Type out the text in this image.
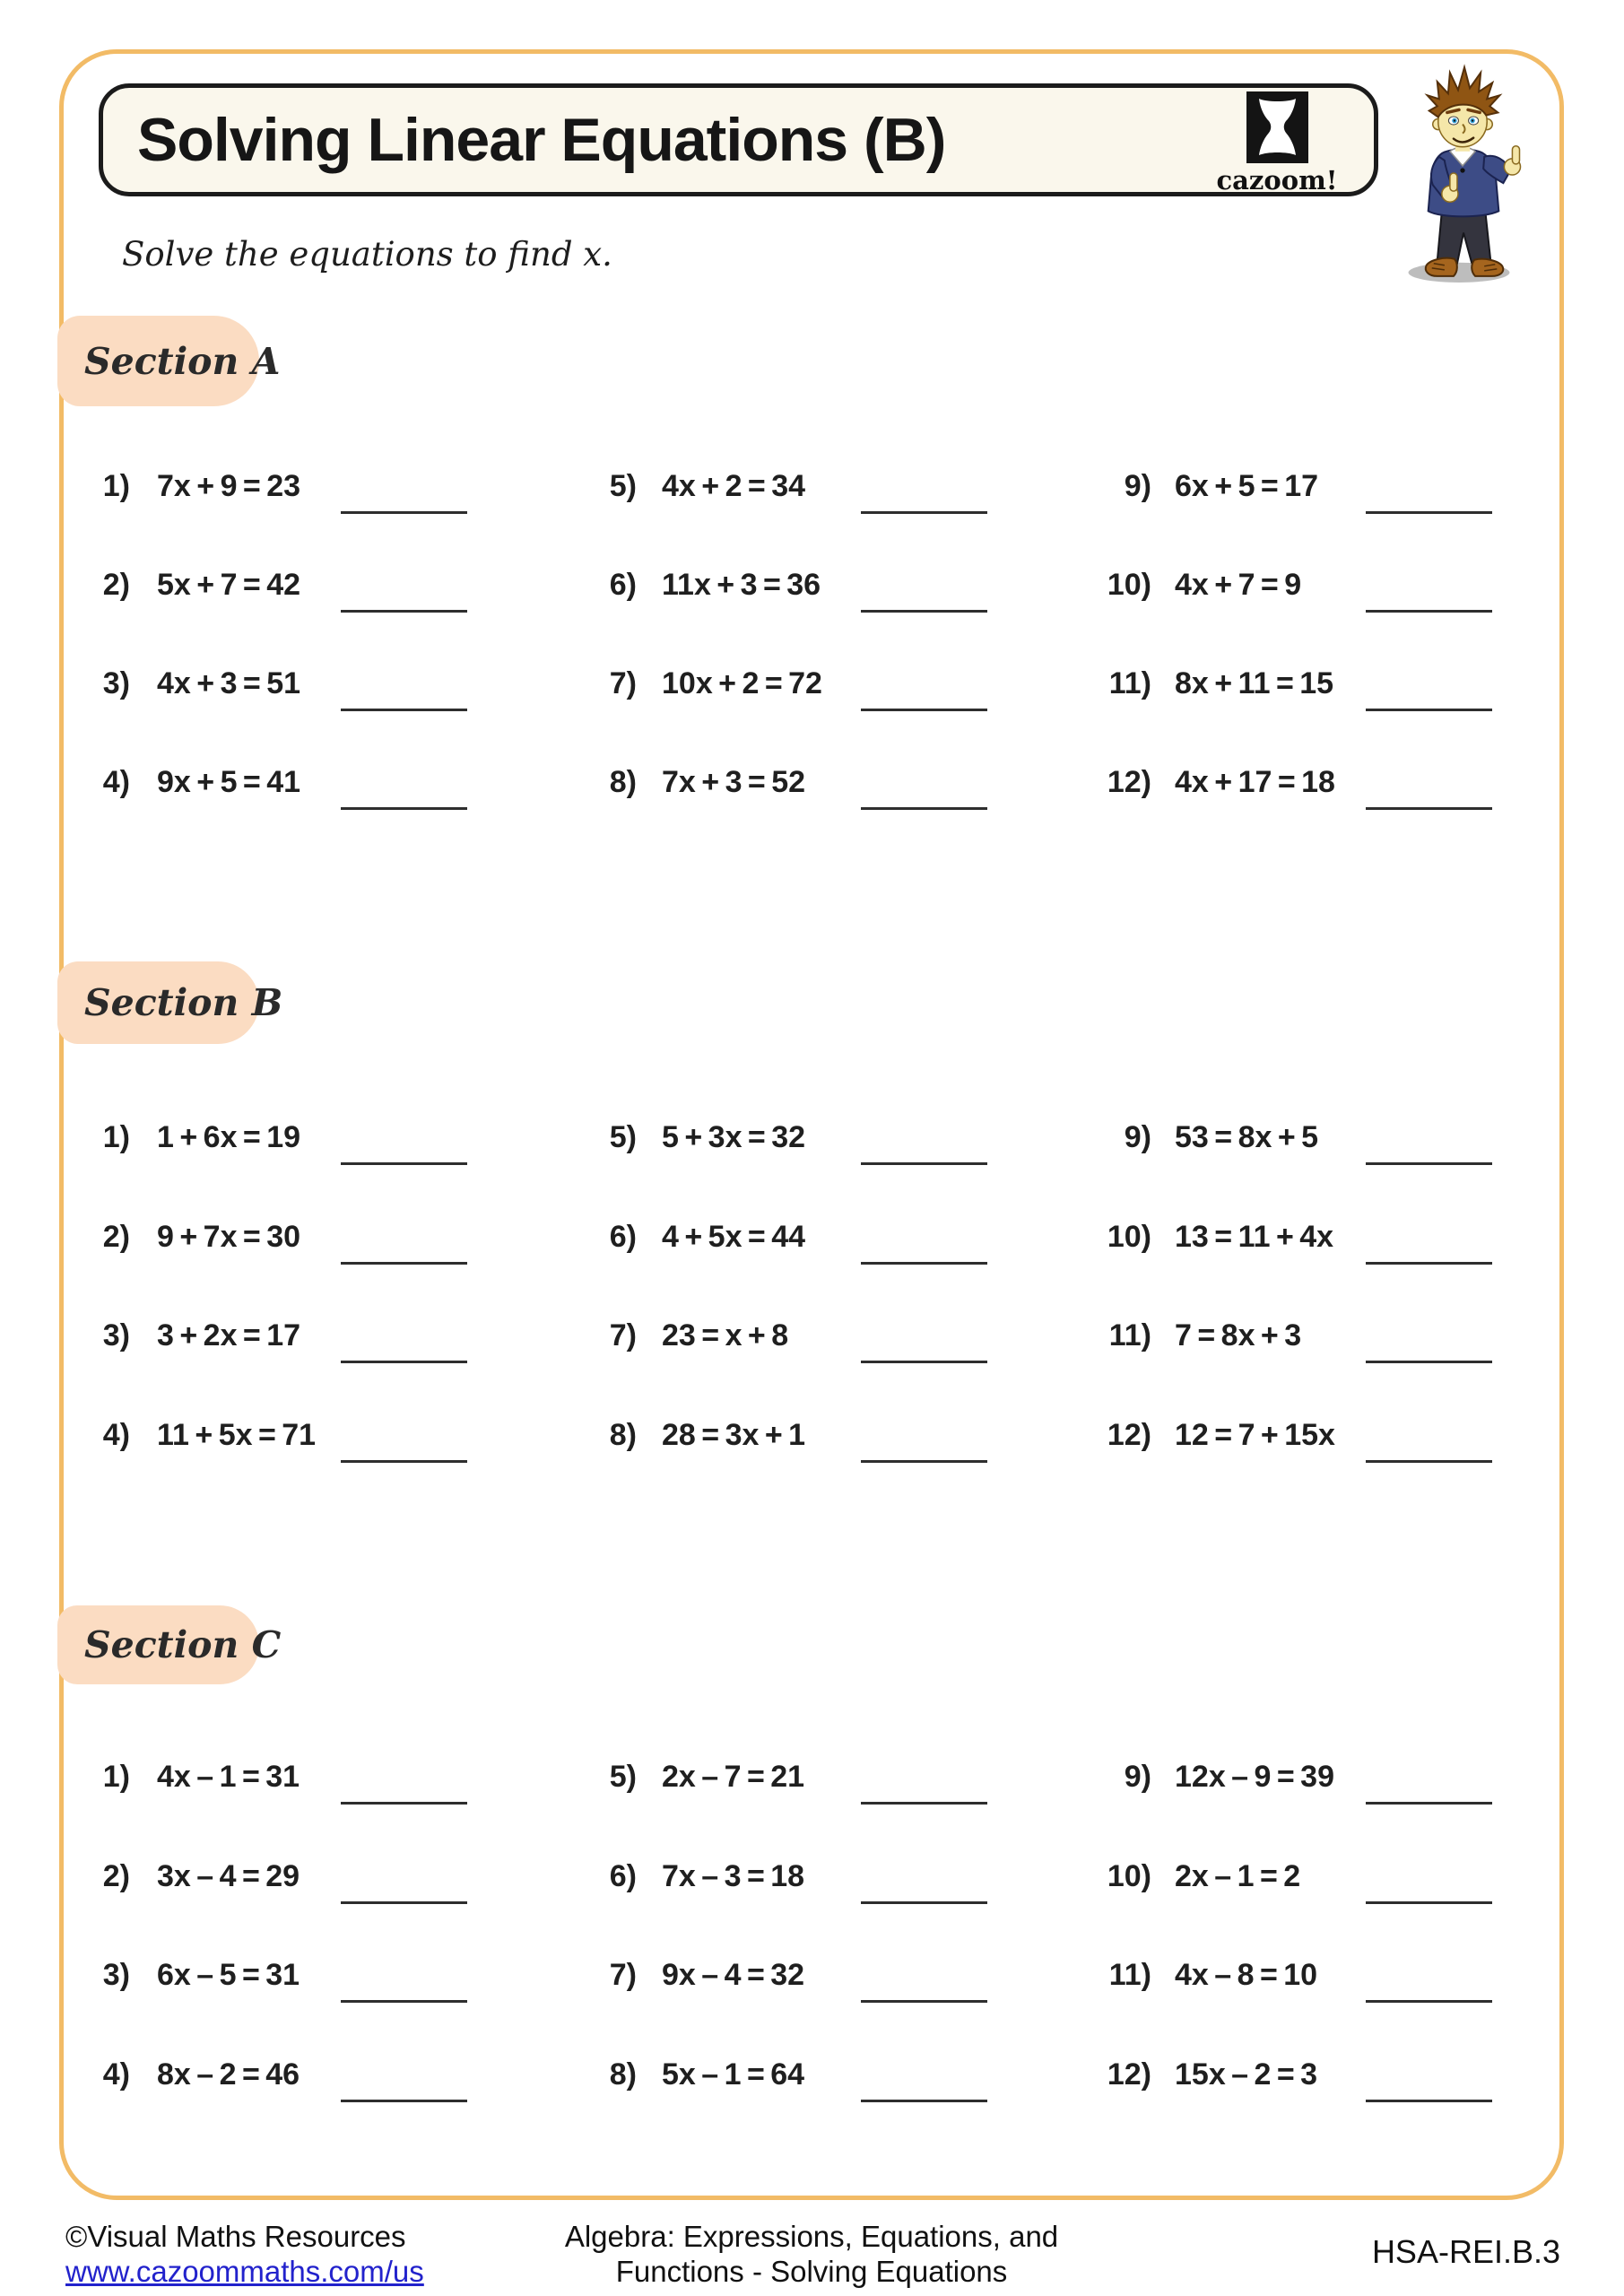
Solving Linear Equations (B)
cazoom!
Solve the equations to find x.
Section A
1) 7x + 9 = 23
2) 5x + 7 = 42
3) 4x + 3 = 51
4) 9x + 5 = 41
5) 4x + 2 = 34
6) 11x + 3 = 36
7) 10x + 2 = 72
8) 7x + 3 = 52
9) 6x + 5 = 17
10) 4x + 7 = 9
11) 8x + 11 = 15
12) 4x + 17 = 18
Section B
1) 1 + 6x = 19
2) 9 + 7x = 30
3) 3 + 2x = 17
4) 11 + 5x = 71
5) 5 + 3x = 32
6) 4 + 5x = 44
7) 23 = x + 8
8) 28 = 3x + 1
9) 53 = 8x + 5
10) 13 = 11 + 4x
11) 7 = 8x + 3
12) 12 = 7 + 15x
Section C
1) 4x – 1 = 31
2) 3x – 4 = 29
3) 6x – 5 = 31
4) 8x – 2 = 46
5) 2x – 7 = 21
6) 7x – 3 = 18
7) 9x – 4 = 32
8) 5x – 1 = 64
9) 12x – 9 = 39
10) 2x – 1 = 2
11) 4x – 8 = 10
12) 15x – 2 = 3
©Visual Maths Resources
www.cazoommaths.com/us
Algebra: Expressions, Equations, and
Functions - Solving Equations
HSA-REI.B.3
